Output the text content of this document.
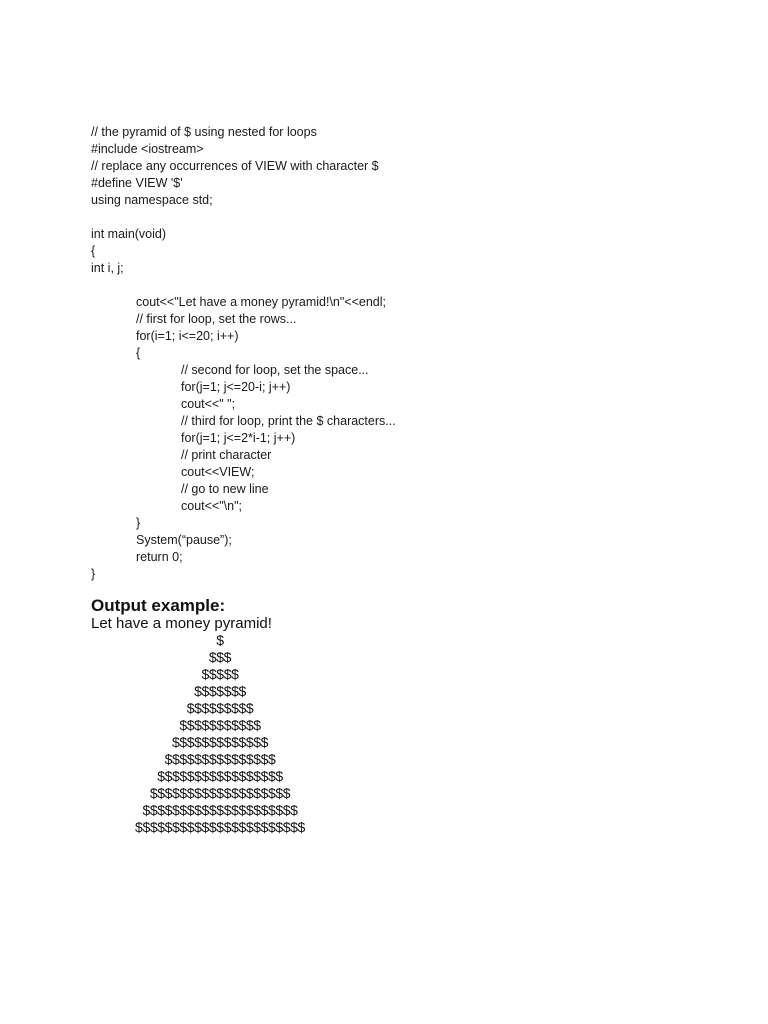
// the pyramid of $ using nested for loops
#include <iostream>
// replace any occurrences of VIEW with character $
#define VIEW '$'
using namespace std;
int main(void)
{
int i, j;
cout<<"Let have a money pyramid!\n"<<endl;
// first for loop, set the rows...
for(i=1; i<=20; i++)
{
// second for loop, set the space...
for(j=1; j<=20-i; j++)
cout<<" ";
// third for loop, print the $ characters...
for(j=1; j<=2*i-1; j++)
// print character
cout<<VIEW;
// go to new line
cout<<"\n";
}
System(“pause”);
return 0;
}
Output example:
Let have a money pyramid!
$
$$$
$$$$$
$$$$$$$
$$$$$$$$$
$$$$$$$$$$$
$$$$$$$$$$$$$
$$$$$$$$$$$$$$$
$$$$$$$$$$$$$$$$$
$$$$$$$$$$$$$$$$$$$
$$$$$$$$$$$$$$$$$$$$$
$$$$$$$$$$$$$$$$$$$$$$$
